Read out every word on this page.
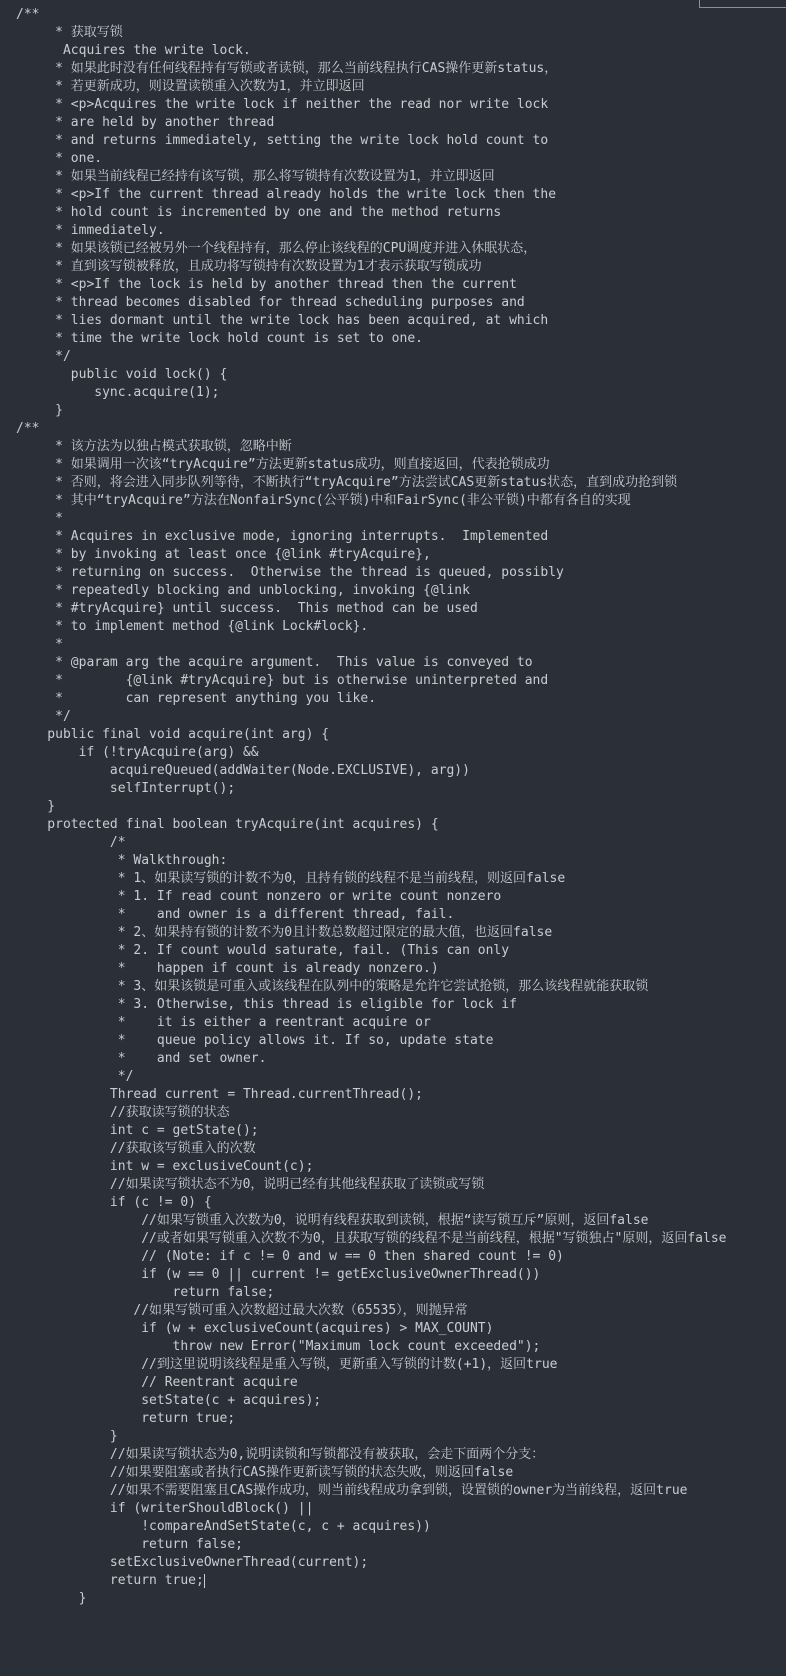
/**
* 获取写锁
Acquires the write lock.
* 如果此时没有任何线程持有写锁或者读锁，那么当前线程执行CAS操作更新status，
* 若更新成功，则设置读锁重入次数为1，并立即返回
* <p>Acquires the write lock if neither the read nor write lock
* are held by another thread
* and returns immediately, setting the write lock hold count to
* one.
* 如果当前线程已经持有该写锁，那么将写锁持有次数设置为1，并立即返回
* <p>If the current thread already holds the write lock then the
* hold count is incremented by one and the method returns
* immediately.
* 如果该锁已经被另外一个线程持有，那么停止该线程的CPU调度并进入休眠状态，
* 直到该写锁被释放，且成功将写锁持有次数设置为1才表示获取写锁成功
* <p>If the lock is held by another thread then the current
* thread becomes disabled for thread scheduling purposes and
* lies dormant until the write lock has been acquired, at which
* time the write lock hold count is set to one.
*/
public void lock() {
sync.acquire(1);
}
/**
* 该方法为以独占模式获取锁，忽略中断
* 如果调用一次该“tryAcquire”方法更新status成功，则直接返回，代表抢锁成功
* 否则，将会进入同步队列等待，不断执行“tryAcquire”方法尝试CAS更新status状态，直到成功抢到锁
* 其中“tryAcquire”方法在NonfairSync(公平锁)中和FairSync(非公平锁)中都有各自的实现
*
* Acquires in exclusive mode, ignoring interrupts.  Implemented
* by invoking at least once {@link #tryAcquire},
* returning on success.  Otherwise the thread is queued, possibly
* repeatedly blocking and unblocking, invoking {@link
* #tryAcquire} until success.  This method can be used
* to implement method {@link Lock#lock}.
*
* @param arg the acquire argument.  This value is conveyed to
*        {@link #tryAcquire} but is otherwise uninterpreted and
*        can represent anything you like.
*/
public final void acquire(int arg) {
if (!tryAcquire(arg) &&
acquireQueued(addWaiter(Node.EXCLUSIVE), arg))
selfInterrupt();
}
protected final boolean tryAcquire(int acquires) {
/*
* Walkthrough:
* 1、如果读写锁的计数不为0，且持有锁的线程不是当前线程，则返回false
* 1. If read count nonzero or write count nonzero
*    and owner is a different thread, fail.
* 2、如果持有锁的计数不为0且计数总数超过限定的最大值，也返回false
* 2. If count would saturate, fail. (This can only
*    happen if count is already nonzero.)
* 3、如果该锁是可重入或该线程在队列中的策略是允许它尝试抢锁，那么该线程就能获取锁
* 3. Otherwise, this thread is eligible for lock if
*    it is either a reentrant acquire or
*    queue policy allows it. If so, update state
*    and set owner.
*/
Thread current = Thread.currentThread();
//获取读写锁的状态
int c = getState();
//获取该写锁重入的次数
int w = exclusiveCount(c);
//如果读写锁状态不为0，说明已经有其他线程获取了读锁或写锁
if (c != 0) {
//如果写锁重入次数为0，说明有线程获取到读锁，根据“读写锁互斥”原则，返回false
//或者如果写锁重入次数不为0，且获取写锁的线程不是当前线程，根据"写锁独占"原则，返回false
// (Note: if c != 0 and w == 0 then shared count != 0)
if (w == 0 || current != getExclusiveOwnerThread())
return false;
//如果写锁可重入次数超过最大次数（65535），则抛异常
if (w + exclusiveCount(acquires) > MAX_COUNT)
throw new Error("Maximum lock count exceeded");
//到这里说明该线程是重入写锁，更新重入写锁的计数(+1)，返回true
// Reentrant acquire
setState(c + acquires);
return true;
}
//如果读写锁状态为0,说明读锁和写锁都没有被获取，会走下面两个分支：
//如果要阻塞或者执行CAS操作更新读写锁的状态失败，则返回false
//如果不需要阻塞且CAS操作成功，则当前线程成功拿到锁，设置锁的owner为当前线程，返回true
if (writerShouldBlock() ||
!compareAndSetState(c, c + acquires))
return false;
setExclusiveOwnerThread(current);
return true;
}
